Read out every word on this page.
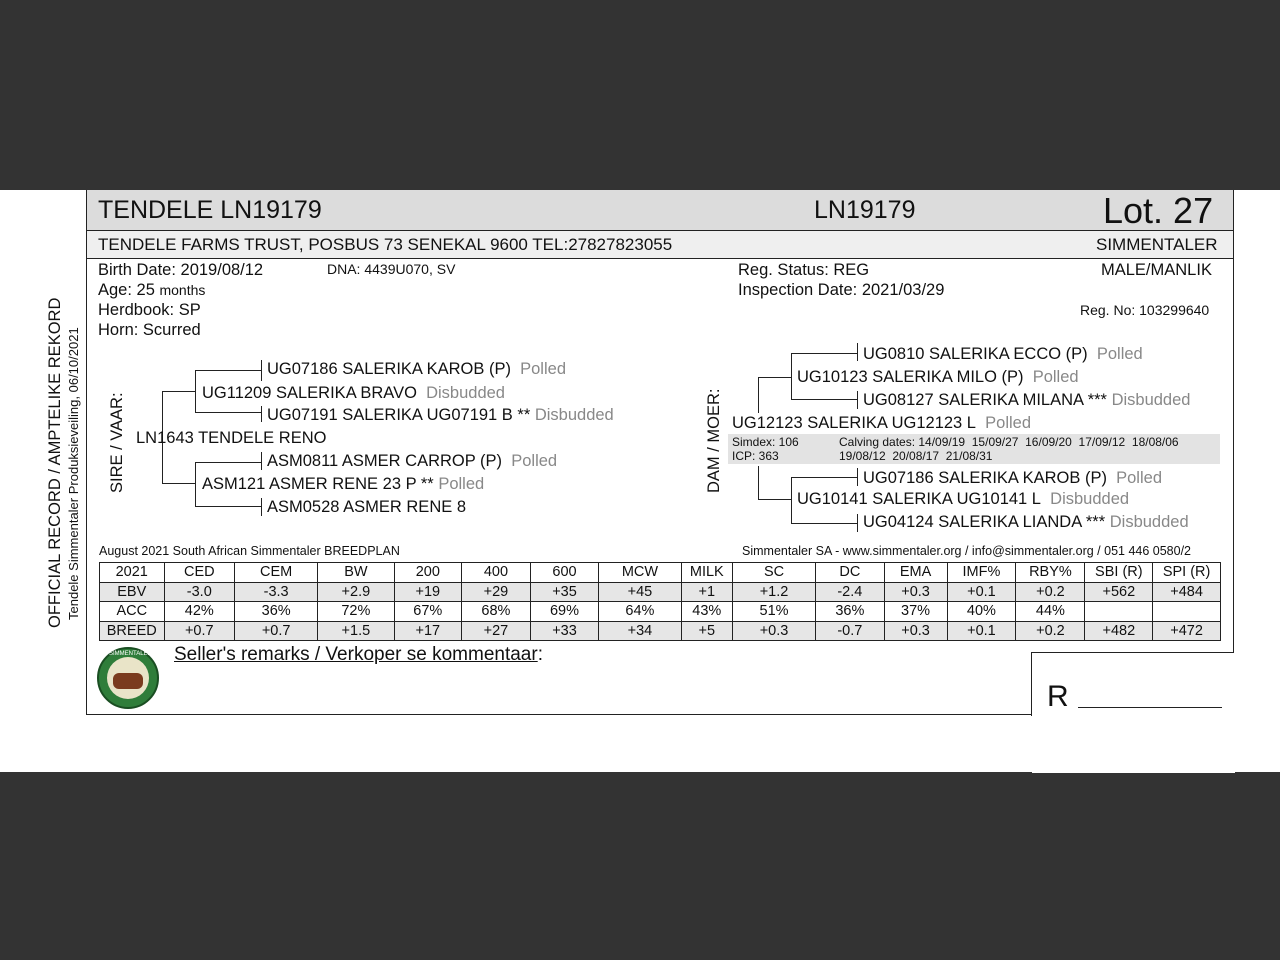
TENDELE LN19179	LN19179	Lot. 27
TENDELE FARMS TRUST, POSBUS 73 SENEKAL 9600 TEL:27827823055	SIMMENTALER
OFFICIAL RECORD / AMPTELIKE REKORD Tendele Simmentaler Produksieveiling, 06/10/2021
Birth Date: 2019/08/12	DNA: 4439U070, SV
Age: 25 months
Herdbook: SP
Horn: Scurred
Reg. Status: REG
Inspection Date: 2021/03/29
MALE/MANLIK
Reg. No: 103299640
SIRE / VAAR:
UG07186 SALERIKA KAROB (P) Polled
UG11209 SALERIKA BRAVO Disbudded
UG07191 SALERIKA UG07191 B ** Disbudded
LN1643 TENDELE RENO
ASM0811 ASMER CARROP (P) Polled
ASM121 ASMER RENE 23 P ** Polled
ASM0528 ASMER RENE 8
DAM / MOER:
UG0810 SALERIKA ECCO (P) Polled
UG10123 SALERIKA MILO (P) Polled
UG08127 SALERIKA MILANA *** Disbudded
UG12123 SALERIKA UG12123 L Polled
Simdex: 106
ICP: 363
Calving dates: 14/09/19  15/09/27  16/09/20  17/09/12  18/08/06
19/08/12  20/08/17  21/08/31
UG07186 SALERIKA KAROB (P) Polled
UG10141 SALERIKA UG10141 L Disbudded
UG04124 SALERIKA LIANDA *** Disbudded
August 2021 South African Simmentaler BREEDPLAN	Simmentaler SA - www.simmentaler.org / info@simmentaler.org / 051 446 0580/2
2021	CED	CEM	BW	200	400	600	MCW	MILK	SC	DC	EMA	IMF%	RBY%	SBI (R)	SPI (R)
EBV	-3.0	-3.3	+2.9	+19	+29	+35	+45	+1	+1.2	-2.4	+0.3	+0.1	+0.2	+562	+484
ACC	42%	36%	72%	67%	68%	69%	64%	43%	51%	36%	37%	40%	44%		
BREED	+0.7	+0.7	+1.5	+17	+27	+33	+34	+5	+0.3	-0.7	+0.3	+0.1	+0.2	+482	+472
SIMMENTALER Seller's remarks / Verkoper se kommentaar:
R
